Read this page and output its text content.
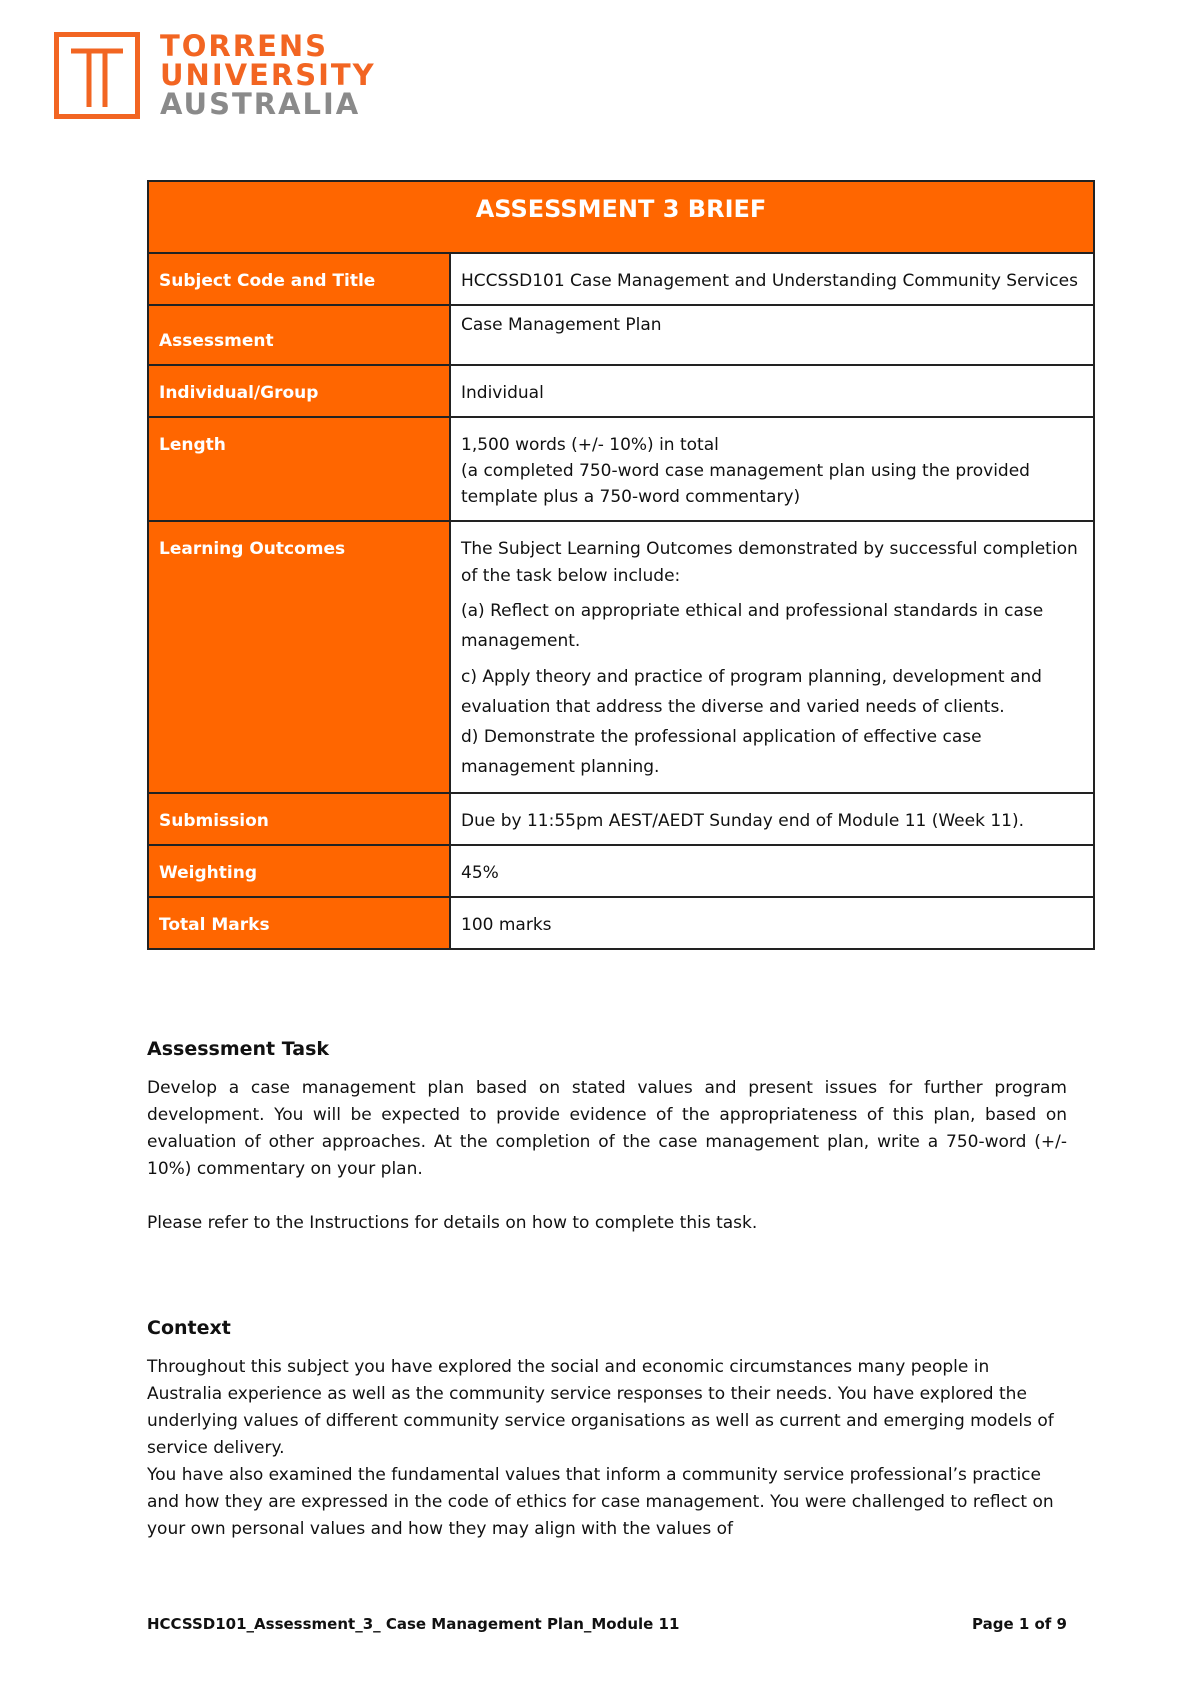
TORRENS
UNIVERSITY
AUSTRALIA
ASSESSMENT 3 BRIEF	
Subject Code and Title	HCCSSD101 Case Management and Understanding Community Services
Assessment	Case Management Plan
Individual/Group	Individual
Length	1,500 words (+/- 10%) in total
(a completed 750-word case management plan using the provided template plus a 750-word commentary)

Learning Outcomes	The Subject Learning Outcomes demonstrated by successful completion of the task below include:
(a) Reflect on appropriate ethical and professional standards in case management.
c) Apply theory and practice of program planning, development and evaluation that address the diverse and varied needs of clients.
d) Demonstrate the professional application of effective case management planning.

Submission	Due by 11:55pm AEST/AEDT Sunday end of Module 11 (Week 11).
Weighting	45%
Total Marks	100 marks
Assessment Task

Develop a case management plan based on stated values and present issues for further program development. You will be expected to provide evidence of the appropriateness of this plan, based on evaluation of other approaches. At the completion of the case management plan, write a 750-word (+/- 10%) commentary on your plan.

Please refer to the Instructions for details on how to complete this task.

Context

Throughout this subject you have explored the social and economic circumstances many people in Australia experience as well as the community service responses to their needs. You have explored the underlying values of different community service organisations as well as current and emerging models of service delivery.

You have also examined the fundamental values that inform a community service professional’s practice and how they are expressed in the code of ethics for case management. You were challenged to reflect on your own personal values and how they may align with the values of

HCCSSD101_Assessment_3_ Case Management Plan_Module 11	Page 1 of 9
